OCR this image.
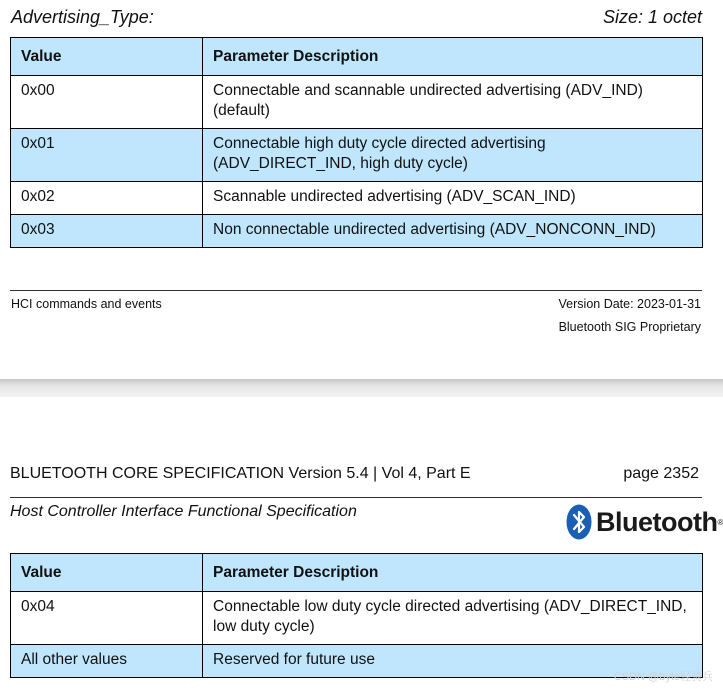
Advertising_Type:	Size: 1 octet
Value	Parameter Description
0x00	Connectable and scannable undirected advertising (ADV_IND) (default)
0x01	Connectable high duty cycle directed advertising (ADV_DIRECT_IND, high duty cycle)
0x02	Scannable undirected advertising (ADV_SCAN_IND)
0x03	Non connectable undirected advertising (ADV_NONCONN_IND)
HCI commands and events	Version Date: 2023-01-31
Bluetooth SIG Proprietary
BLUETOOTH CORE SPECIFICATION Version 5.4 | Vol 4, Part E	page 2352
Host Controller Interface Functional Specification	Bluetooth ®
Value	Parameter Description
0x04	Connectable low duty cycle directed advertising (ADV_DIRECT_IND, low duty cycle)
All other values	Reserved for future use
CSDN @byte轻骑兵
